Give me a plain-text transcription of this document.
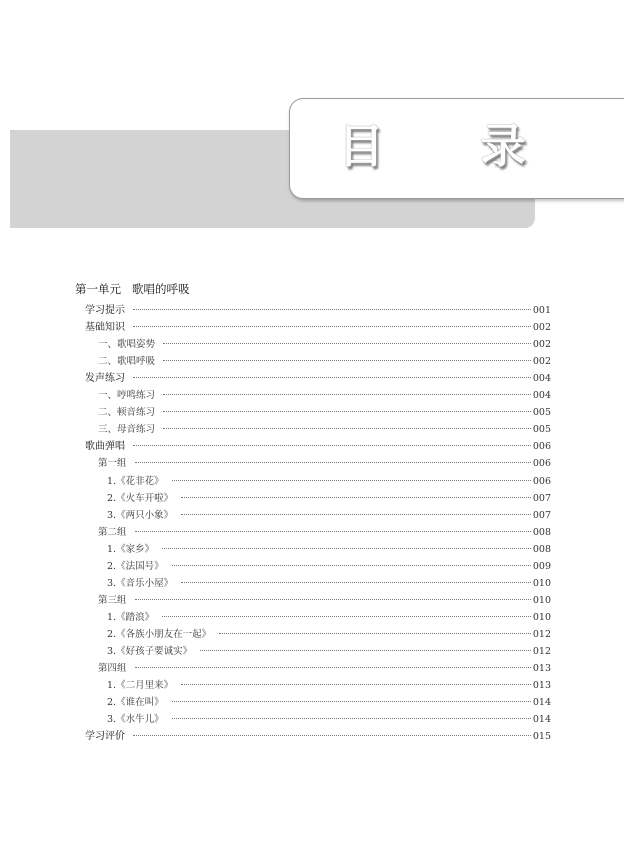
目 录
第一单元   歌唱的呼吸
学习提示	001
基础知识	002
一、歌唱姿势	002
二、歌唱呼吸	002
发声练习	004
一、哼鸣练习	004
二、顿音练习	005
三、母音练习	005
歌曲弹唱	006
第一组	006
1.《花非花》	006
2.《火车开啦》	007
3.《两只小象》	007
第二组	008
1.《家乡》	008
2.《法国号》	009
3.《音乐小屋》	010
第三组	010
1.《踏浪》	010
2.《各族小朋友在一起》	012
3.《好孩子要诚实》	012
第四组	013
1.《二月里来》	013
2.《谁在叫》	014
3.《水牛儿》	014
学习评价	015
